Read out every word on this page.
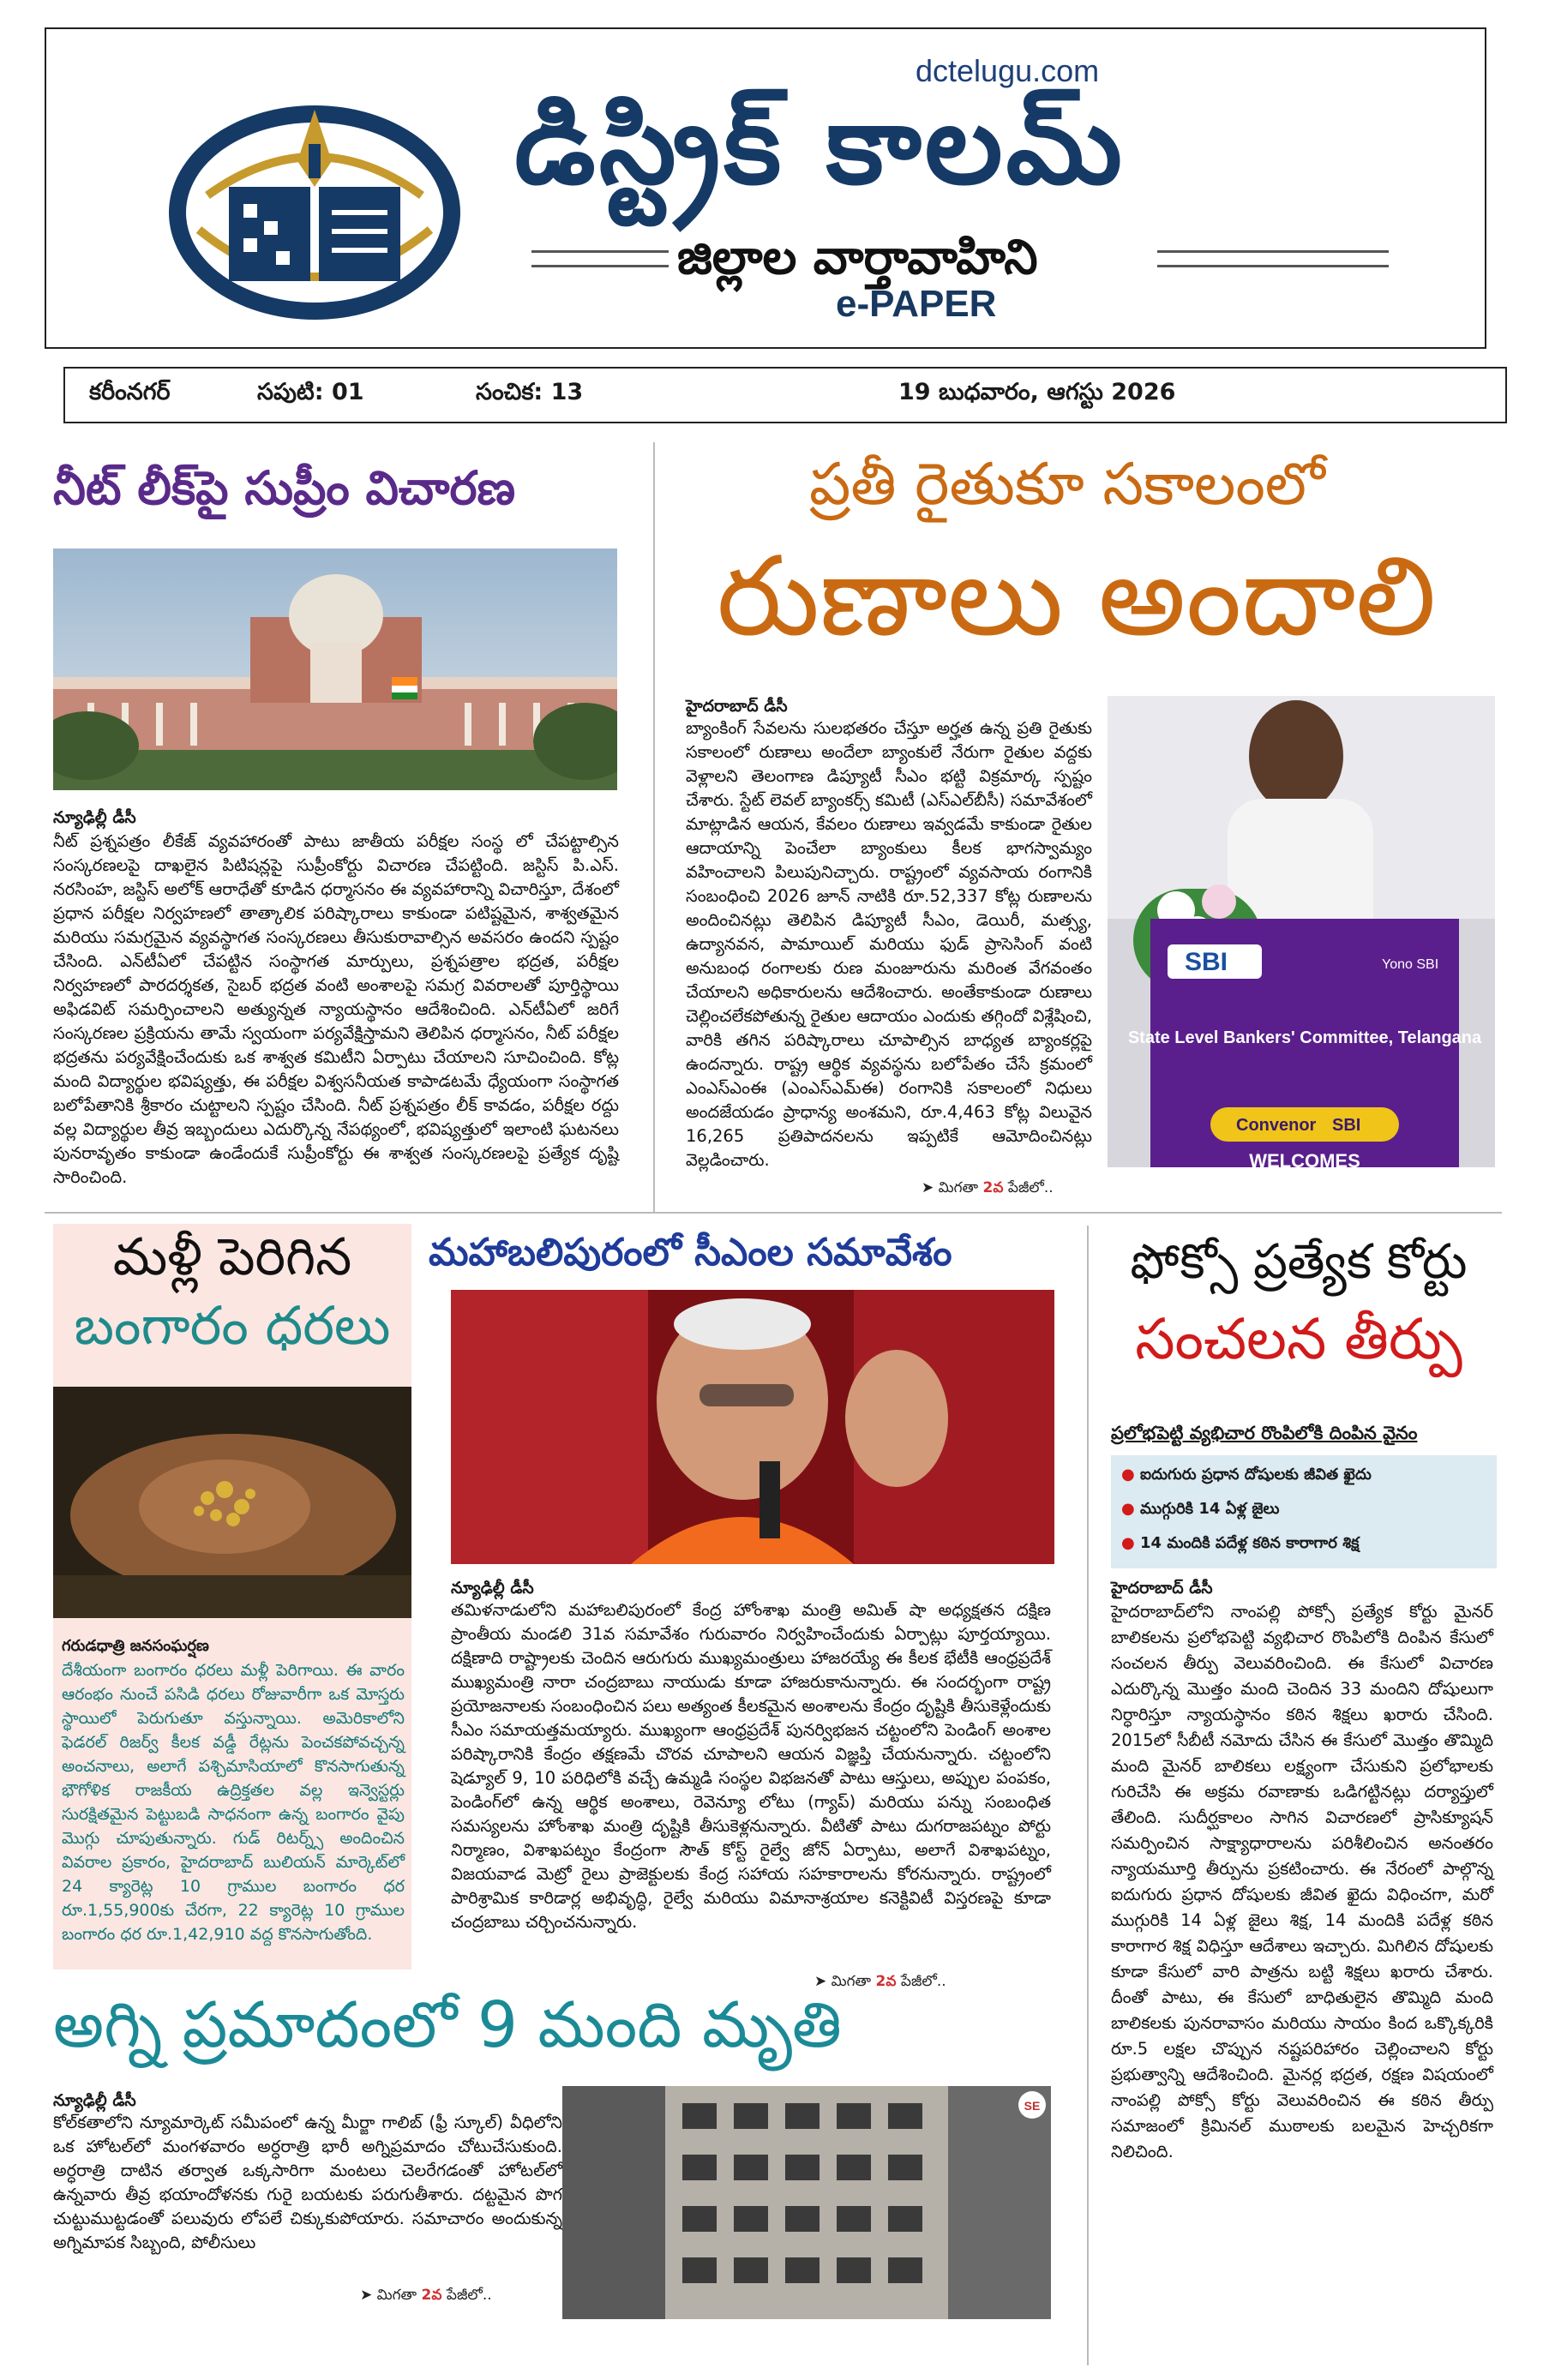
dctelugu.com
డిస్ట్రిక్ కాలమ్
జిల్లాల వార్తావాహిని
e-PAPER
కరీంనగర్	సపుటి: 01	సంచిక: 13	19 బుధవారం, ఆగస్టు 2026
నీట్ లీక్‌పై సుప్రీం విచారణ
న్యూఢిల్లీ డీసీ
నీట్ ప్రశ్నపత్రం లీకేజ్ వ్యవహారంతో పాటు జాతీయ పరీక్షల సంస్థ లో చేపట్టాల్సిన సంస్కరణలపై దాఖలైన పిటిషన్లపై సుప్రీంకోర్టు విచారణ చేపట్టింది. జస్టిస్ పి.ఎస్. నరసింహ, జస్టిస్ అలోక్ ఆరాధేతో కూడిన ధర్మాసనం ఈ వ్యవహారాన్ని విచారిస్తూ, దేశంలో ప్రధాన పరీక్షల నిర్వహణలో తాత్కాలిక పరిష్కారాలు కాకుండా పటిష్టమైన, శాశ్వతమైన మరియు సమగ్రమైన వ్యవస్థాగత సంస్కరణలు తీసుకురావాల్సిన అవసరం ఉందని స్పష్టం చేసింది. ఎన్‌టీఏలో చేపట్టిన సంస్థాగత మార్పులు, ప్రశ్నపత్రాల భద్రత, పరీక్షల నిర్వహణలో పారదర్శకత, సైబర్ భద్రత వంటి అంశాలపై సమగ్ర వివరాలతో పూర్తిస్థాయి అఫిడవిట్ సమర్పించాలని అత్యున్నత న్యాయస్థానం ఆదేశించింది. ఎన్‌టీఏలో జరిగే సంస్కరణల ప్రక్రియను తామే స్వయంగా పర్యవేక్షిస్తామని తెలిపిన ధర్మాసనం, నీట్ పరీక్షల భద్రతను పర్యవేక్షించేందుకు ఒక శాశ్వత కమిటీని ఏర్పాటు చేయాలని సూచించింది. కోట్ల మంది విద్యార్థుల భవిష్యత్తు, ఈ పరీక్షల విశ్వసనీయత కాపాడటమే ధ్యేయంగా సంస్థాగత బలోపేతానికి శ్రీకారం చుట్టాలని స్పష్టం చేసింది. నీట్ ప్రశ్నపత్రం లీక్ కావడం, పరీక్షల రద్దు వల్ల విద్యార్థుల తీవ్ర ఇబ్బందులు ఎదుర్కొన్న నేపథ్యంలో, భవిష్యత్తులో ఇలాంటి ఘటనలు పునరావృతం కాకుండా ఉండేందుకే సుప్రీంకోర్టు ఈ శాశ్వత సంస్కరణలపై ప్రత్యేక దృష్టి సారించింది.
ప్రతీ రైతుకూ సకాలంలో
రుణాలు అందాలి
హైదరాబాద్ డీసీ
బ్యాంకింగ్ సేవలను సులభతరం చేస్తూ అర్హత ఉన్న ప్రతి రైతుకు సకాలంలో రుణాలు అందేలా బ్యాంకులే నేరుగా రైతుల వద్దకు వెళ్లాలని తెలంగాణ డిప్యూటీ సీఎం భట్టి విక్రమార్క స్పష్టం చేశారు. స్టేట్ లెవల్ బ్యాంకర్స్ కమిటీ (ఎస్ఎల్‌బీసీ) సమావేశంలో మాట్లాడిన ఆయన, కేవలం రుణాలు ఇవ్వడమే కాకుండా రైతుల ఆదాయాన్ని పెంచేలా బ్యాంకులు కీలక భాగస్వామ్యం వహించాలని పిలుపునిచ్చారు. రాష్ట్రంలో వ్యవసాయ రంగానికి సంబంధించి 2026 జూన్ నాటికి రూ.52,337 కోట్ల రుణాలను అందించినట్లు తెలిపిన డిప్యూటీ సీఎం, డెయిరీ, మత్స్య, ఉద్యానవన, పామాయిల్ మరియు ఫుడ్ ప్రాసెసింగ్ వంటి అనుబంధ రంగాలకు రుణ మంజూరును మరింత వేగవంతం చేయాలని అధికారులను ఆదేశించారు. అంతేకాకుండా రుణాలు చెల్లించలేకపోతున్న రైతుల ఆదాయం ఎందుకు తగ్గిందో విశ్లేషించి, వారికి తగిన పరిష్కారాలు చూపాల్సిన బాధ్యత బ్యాంకర్లపై ఉందన్నారు. రాష్ట్ర ఆర్థిక వ్యవస్థను బలోపేతం చేసే క్రమంలో ఎంఎస్ఎంఈ (ఎంఎస్ఎమ్ఈ) రంగానికి సకాలంలో నిధులు అందజేయడం ప్రాధాన్య అంశమని, రూ.4,463 కోట్ల విలువైన 16,265 ప్రతిపాదనలను ఇప్పటికే ఆమోదించినట్లు వెల్లడించారు.
➤ మిగతా 2వ పేజీలో..
SBI	Yono SBI
State Level Bankers' Committee, Telangana
Convenor SBI
WELCOMES
మళ్లీ పెరిగిన
బంగారం ధరలు
గరుడధాత్రి జనసంఘర్షణ
దేశీయంగా బంగారం ధరలు మళ్లీ పెరిగాయి. ఈ వారం ఆరంభం నుంచే పసిడి ధరలు రోజువారీగా ఒక మోస్తరు స్థాయిలో పెరుగుతూ వస్తున్నాయి. అమెరికాలోని ఫెడరల్ రిజర్వ్ కీలక వడ్డీ రేట్లను పెంచకపోవచ్చన్న అంచనాలు, అలాగే పశ్చిమాసియాలో కొనసాగుతున్న భౌగోళిక రాజకీయ ఉద్రిక్తతల వల్ల ఇన్వెస్టర్లు సురక్షితమైన పెట్టుబడి సాధనంగా ఉన్న బంగారం వైపు మొగ్గు చూపుతున్నారు. గుడ్ రిటర్న్స్ అందించిన వివరాల ప్రకారం, హైదరాబాద్ బులియన్ మార్కెట్‌లో 24 క్యారెట్ల 10 గ్రాముల బంగారం ధర రూ.1,55,900కు చేరగా, 22 క్యారెట్ల 10 గ్రాముల బంగారం ధర రూ.1,42,910 వద్ద కొనసాగుతోంది.
మహాబలిపురంలో సీఎంల సమావేశం
న్యూఢిల్లీ డీసీ
తమిళనాడులోని మహాబలిపురంలో కేంద్ర హోంశాఖ మంత్రి అమిత్ షా అధ్యక్షతన దక్షిణ ప్రాంతీయ మండలి 31వ సమావేశం గురువారం నిర్వహించేందుకు ఏర్పాట్లు పూర్తయ్యాయి. దక్షిణాది రాష్ట్రాలకు చెందిన ఆరుగురు ముఖ్యమంత్రులు హాజరయ్యే ఈ కీలక భేటీకి ఆంధ్రప్రదేశ్ ముఖ్యమంత్రి నారా చంద్రబాబు నాయుడు కూడా హాజరుకానున్నారు. ఈ సందర్భంగా రాష్ట్ర ప్రయోజనాలకు సంబంధించిన పలు అత్యంత కీలకమైన అంశాలను కేంద్రం దృష్టికి తీసుకెళ్లేందుకు సీఎం సమాయత్తమయ్యారు. ముఖ్యంగా ఆంధ్రప్రదేశ్ పునర్విభజన చట్టంలోని పెండింగ్ అంశాల పరిష్కారానికి కేంద్రం తక్షణమే చొరవ చూపాలని ఆయన విజ్ఞప్తి చేయనున్నారు. చట్టంలోని షెడ్యూల్ 9, 10 పరిధిలోకి వచ్చే ఉమ్మడి సంస్థల విభజనతో పాటు ఆస్తులు, అప్పుల పంపకం, పెండింగ్‌లో ఉన్న ఆర్థిక అంశాలు, రెవెన్యూ లోటు (గ్యాప్) మరియు పన్ను సంబంధిత సమస్యలను హోంశాఖ మంత్రి దృష్టికి తీసుకెళ్లనున్నారు. వీటితో పాటు దుగరాజపట్నం పోర్టు నిర్మాణం, విశాఖపట్నం కేంద్రంగా సౌత్ కోస్ట్ రైల్వే జోన్ ఏర్పాటు, అలాగే విశాఖపట్నం, విజయవాడ మెట్రో రైలు ప్రాజెక్టులకు కేంద్ర సహాయ సహకారాలను కోరనున్నారు. రాష్ట్రంలో పారిశ్రామిక కారిడార్ల అభివృద్ధి, రైల్వే మరియు విమానాశ్రయాల కనెక్టివిటీ విస్తరణపై కూడా చంద్రబాబు చర్చించనున్నారు.
➤ మిగతా 2వ పేజీలో..
ఫోక్సో ప్రత్యేక కోర్టు
సంచలన తీర్పు
ప్రలోభపెట్టి వ్యభిచార రొంపిలోకి దింపిన వైనం
● ఐదుగురు ప్రధాన దోషులకు జీవిత ఖైదు
● ముగ్గురికి 14 ఏళ్ల జైలు
● 14 మందికి పదేళ్ల కఠిన కారాగార శిక్ష
హైదరాబాద్ డీసీ
హైదరాబాద్‌లోని నాంపల్లి పోక్సో ప్రత్యేక కోర్టు మైనర్ బాలికలను ప్రలోభపెట్టి వ్యభిచార రొంపిలోకి దింపిన కేసులో సంచలన తీర్పు వెలువరించింది. ఈ కేసులో విచారణ ఎదుర్కొన్న మొత్తం మంది చెందిన 33 మందిని దోషులుగా నిర్ధారిస్తూ న్యాయస్థానం కఠిన శిక్షలు ఖరారు చేసింది. 2015లో సీబీటీ నమోదు చేసిన ఈ కేసులో మొత్తం తొమ్మిది మంది మైనర్ బాలికలు లక్ష్యంగా చేసుకుని ప్రలోభాలకు గురిచేసి ఈ అక్రమ రవాణాకు ఒడిగట్టినట్లు దర్యాప్తులో తేలింది. సుదీర్ఘకాలం సాగిన విచారణలో ప్రాసిక్యూషన్ సమర్పించిన సాక్ష్యాధారాలను పరిశీలించిన అనంతరం న్యాయమూర్తి తీర్పును ప్రకటించారు. ఈ నేరంలో పాల్గొన్న ఐదుగురు ప్రధాన దోషులకు జీవిత ఖైదు విధించగా, మరో ముగ్గురికి 14 ఏళ్ల జైలు శిక్ష, 14 మందికి పదేళ్ల కఠిన కారాగార శిక్ష విధిస్తూ ఆదేశాలు ఇచ్చారు. మిగిలిన దోషులకు కూడా కేసులో వారి పాత్రను బట్టి శిక్షలు ఖరారు చేశారు. దీంతో పాటు, ఈ కేసులో బాధితులైన తొమ్మిది మంది బాలికలకు పునరావాసం మరియు సాయం కింద ఒక్కొక్కరికి రూ.5 లక్షల చొప్పున నష్టపరిహారం చెల్లించాలని కోర్టు ప్రభుత్వాన్ని ఆదేశించింది. మైనర్ల భద్రత, రక్షణ విషయంలో నాంపల్లి పోక్సో కోర్టు వెలువరించిన ఈ కఠిన తీర్పు సమాజంలో క్రిమినల్ ముఠాలకు బలమైన హెచ్చరికగా నిలిచింది.
అగ్ని ప్రమాదంలో 9 మంది మృతి
న్యూఢిల్లీ డీసీ
కోల్‌కతాలోని న్యూమార్కెట్ సమీపంలో ఉన్న మీర్జా గాలిబ్ (ఫ్రీ స్కూల్) వీధిలోని ఒక హోటల్‌లో మంగళవారం అర్ధరాత్రి భారీ అగ్నిప్రమాదం చోటుచేసుకుంది. అర్ధరాత్రి దాటిన తర్వాత ఒక్కసారిగా మంటలు చెలరేగడంతో హోటల్‌లో ఉన్నవారు తీవ్ర భయాందోళనకు గురై బయటకు పరుగుతీశారు. దట్టమైన పొగ చుట్టుముట్టడంతో పలువురు లోపలే చిక్కుకుపోయారు. సమాచారం అందుకున్న అగ్నిమాపక సిబ్బంది, పోలీసులు
➤ మిగతా 2వ పేజీలో..
SE
